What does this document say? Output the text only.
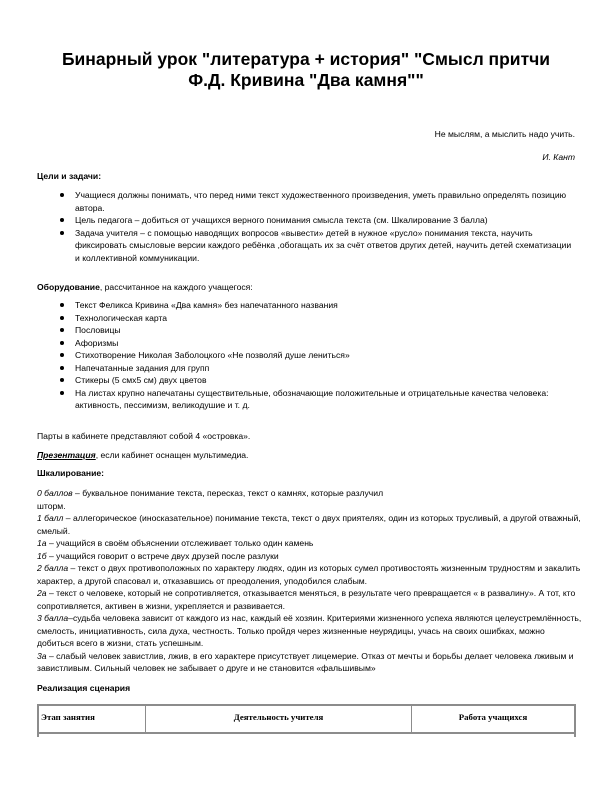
Бинарный урок "литература + история" "Смысл притчи
Ф.Д. Кривина "Два камня""
Не мыслям, а мыслить надо учить.
И. Кант
Цели и задачи:
Учащиеся должны понимать, что перед ними текст художественного произведения, уметь правильно определять позицию автора.
Цель педагога – добиться от учащихся верного понимания смысла текста (см. Шкалирование 3 балла)
Задача учителя – с помощью наводящих вопросов «вывести» детей в нужное «русло» понимания текста, научить фиксировать смысловые версии каждого ребёнка ,обогащать их за счёт ответов других детей, научить детей схематизации и коллективной коммуникации.
Оборудование, рассчитанное на каждого учащегося:
Текст Феликса Кривина «Два камня» без напечатанного названия
Технологическая карта
Пословицы
Афоризмы
Стихотворение Николая Заболоцкого «Не позволяй душе лениться»
Напечатанные задания для групп
Стикеры (5 смх5 см) двух цветов
На листах крупно напечатаны существительные, обозначающие положительные и отрицательные качества человека: активность, пессимизм, великодушие и т. д.
Парты в кабинете представляют собой 4 «островка».
Презентация, если кабинет оснащен мультимедиа.
Шкалирование:

0 баллов – буквальное понимание текста, пересказ, текст о камнях, которые разлучил шторм.

1 балл – аллегорическое (иносказательное) понимание текста, текст о двух приятелях, один из которых трусливый, а другой отважный, смелый.

1а – учащийся в своём объяснении отслеживает только один камень

1б – учащийся говорит о встрече двух друзей после разлуки

2 балла – текст о двух противоположных по характеру людях, один из которых сумел противостоять жизненным трудностям и закалить характер, а другой спасовал и, отказавшись от преодоления, уподобился слабым.

2а – текст о человеке, который не сопротивляется, отказывается меняться, в результате чего превращается « в развалину». А тот, кто сопротивляется, активен в жизни, укрепляется и развивается.

3 балла–судьба человека зависит от каждого из нас, каждый её хозяин. Критериями жизненного успеха являются целеустремлённость, смелость, инициативность, сила духа, честность. Только пройдя через жизненные неурядицы, учась на своих ошибках, можно добиться всего в жизни, стать успешным.

3а – слабый человек завистлив, лжив, в его характере присутствует лицемерие. Отказ от мечты и борьбы делает человека лживым и завистливым. Сильный человек не забывает о друге и не становится «фальшивым»

Реализация сценария
Этап занятия	Деятельность учителя	Работа учащихся
